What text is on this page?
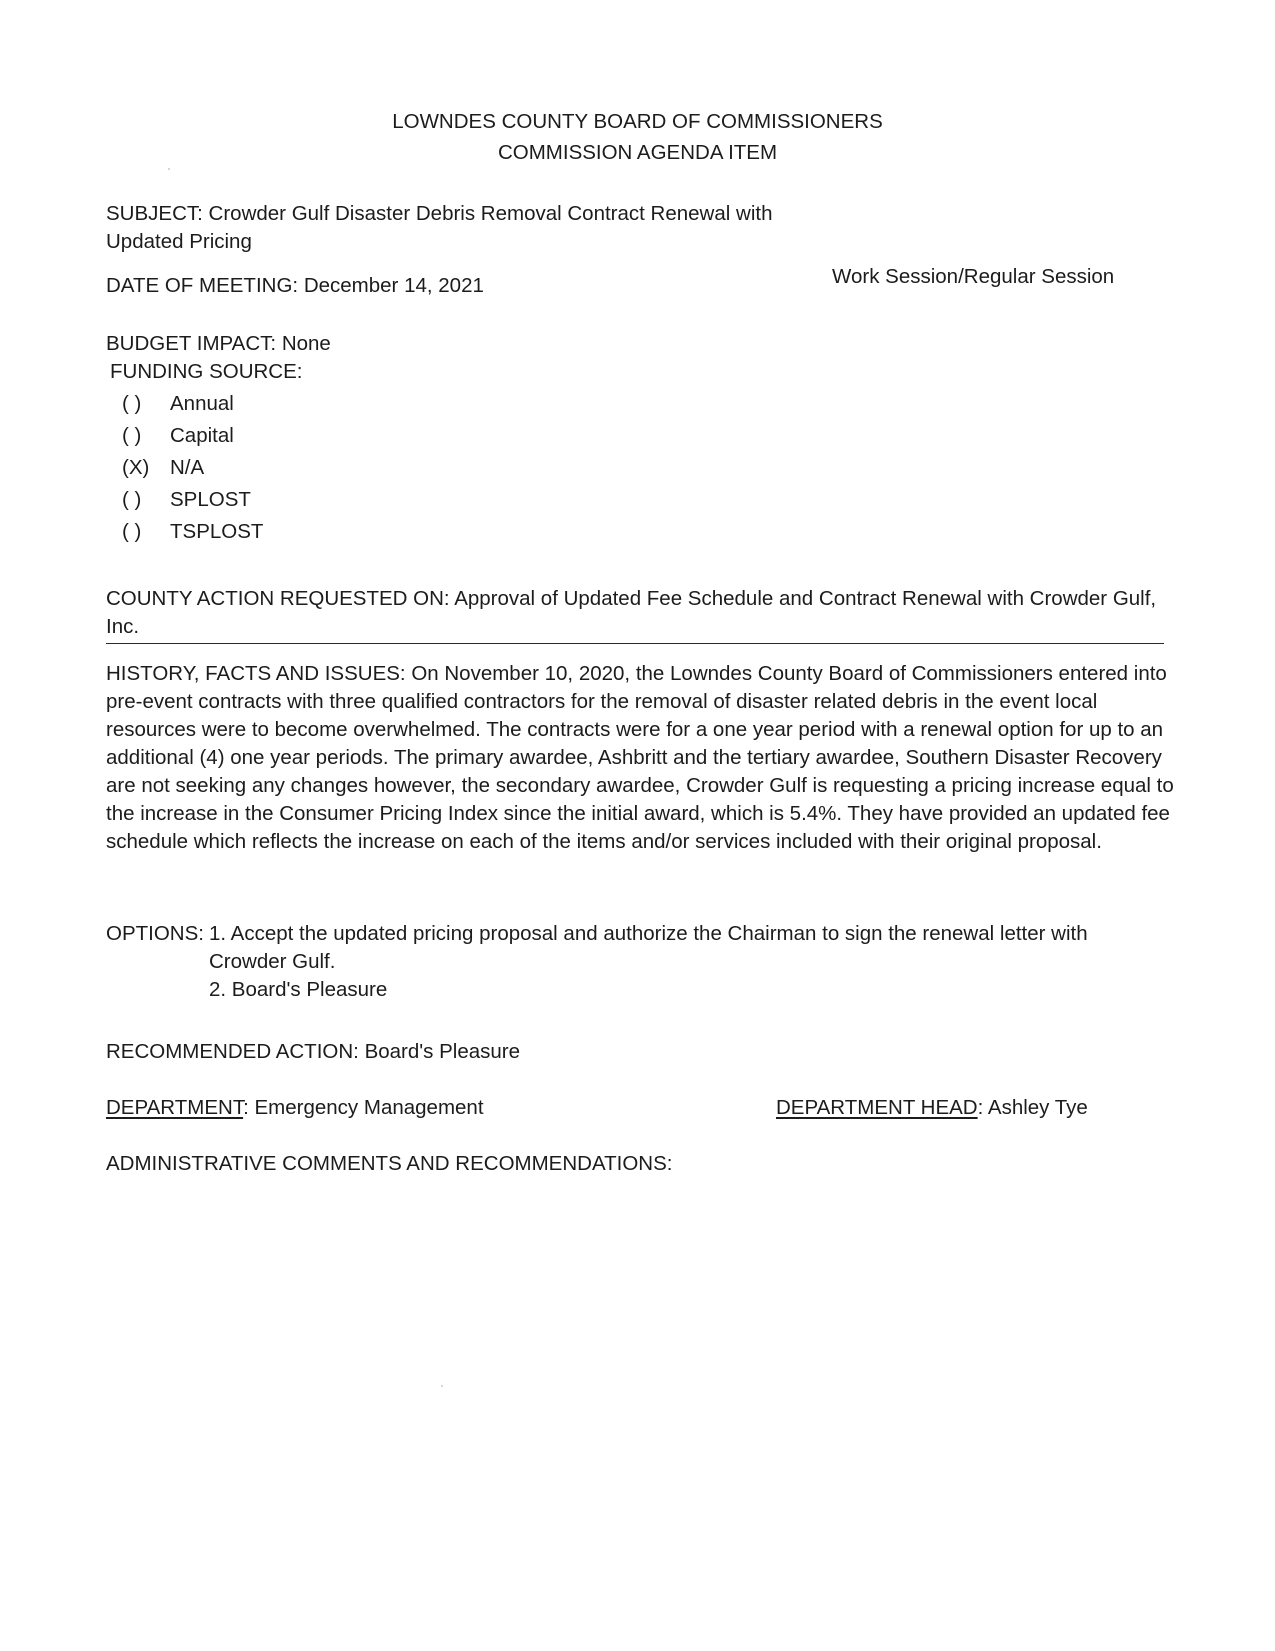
LOWNDES COUNTY BOARD OF COMMISSIONERS

COMMISSION AGENDA ITEM

SUBJECT: Crowder Gulf Disaster Debris Removal Contract Renewal with Updated Pricing

DATE OF MEETING: December 14, 2021	Work Session/Regular Session

BUDGET IMPACT: None

FUNDING SOURCE:

( ) Annual

( ) Capital

(X) N/A

( ) SPLOST

( ) TSPLOST

COUNTY ACTION REQUESTED ON: Approval of Updated Fee Schedule and Contract Renewal with Crowder Gulf, Inc.

HISTORY, FACTS AND ISSUES: On November 10, 2020, the Lowndes County Board of Commissioners entered into pre-event contracts with three qualified contractors for the removal of disaster related debris in the event local resources were to become overwhelmed. The contracts were for a one year period with a renewal option for up to an additional (4) one year periods. The primary awardee, Ashbritt and the tertiary awardee, Southern Disaster Recovery are not seeking any changes however, the secondary awardee, Crowder Gulf is requesting a pricing increase equal to the increase in the Consumer Pricing Index since the initial award, which is 5.4%. They have provided an updated fee schedule which reflects the increase on each of the items and/or services included with their original proposal.

OPTIONS: 1. Accept the updated pricing proposal and authorize the Chairman to sign the renewal letter with Crowder Gulf.

2. Board's Pleasure

RECOMMENDED ACTION: Board's Pleasure

DEPARTMENT: Emergency Management	DEPARTMENT HEAD: Ashley Tye

ADMINISTRATIVE COMMENTS AND RECOMMENDATIONS:
